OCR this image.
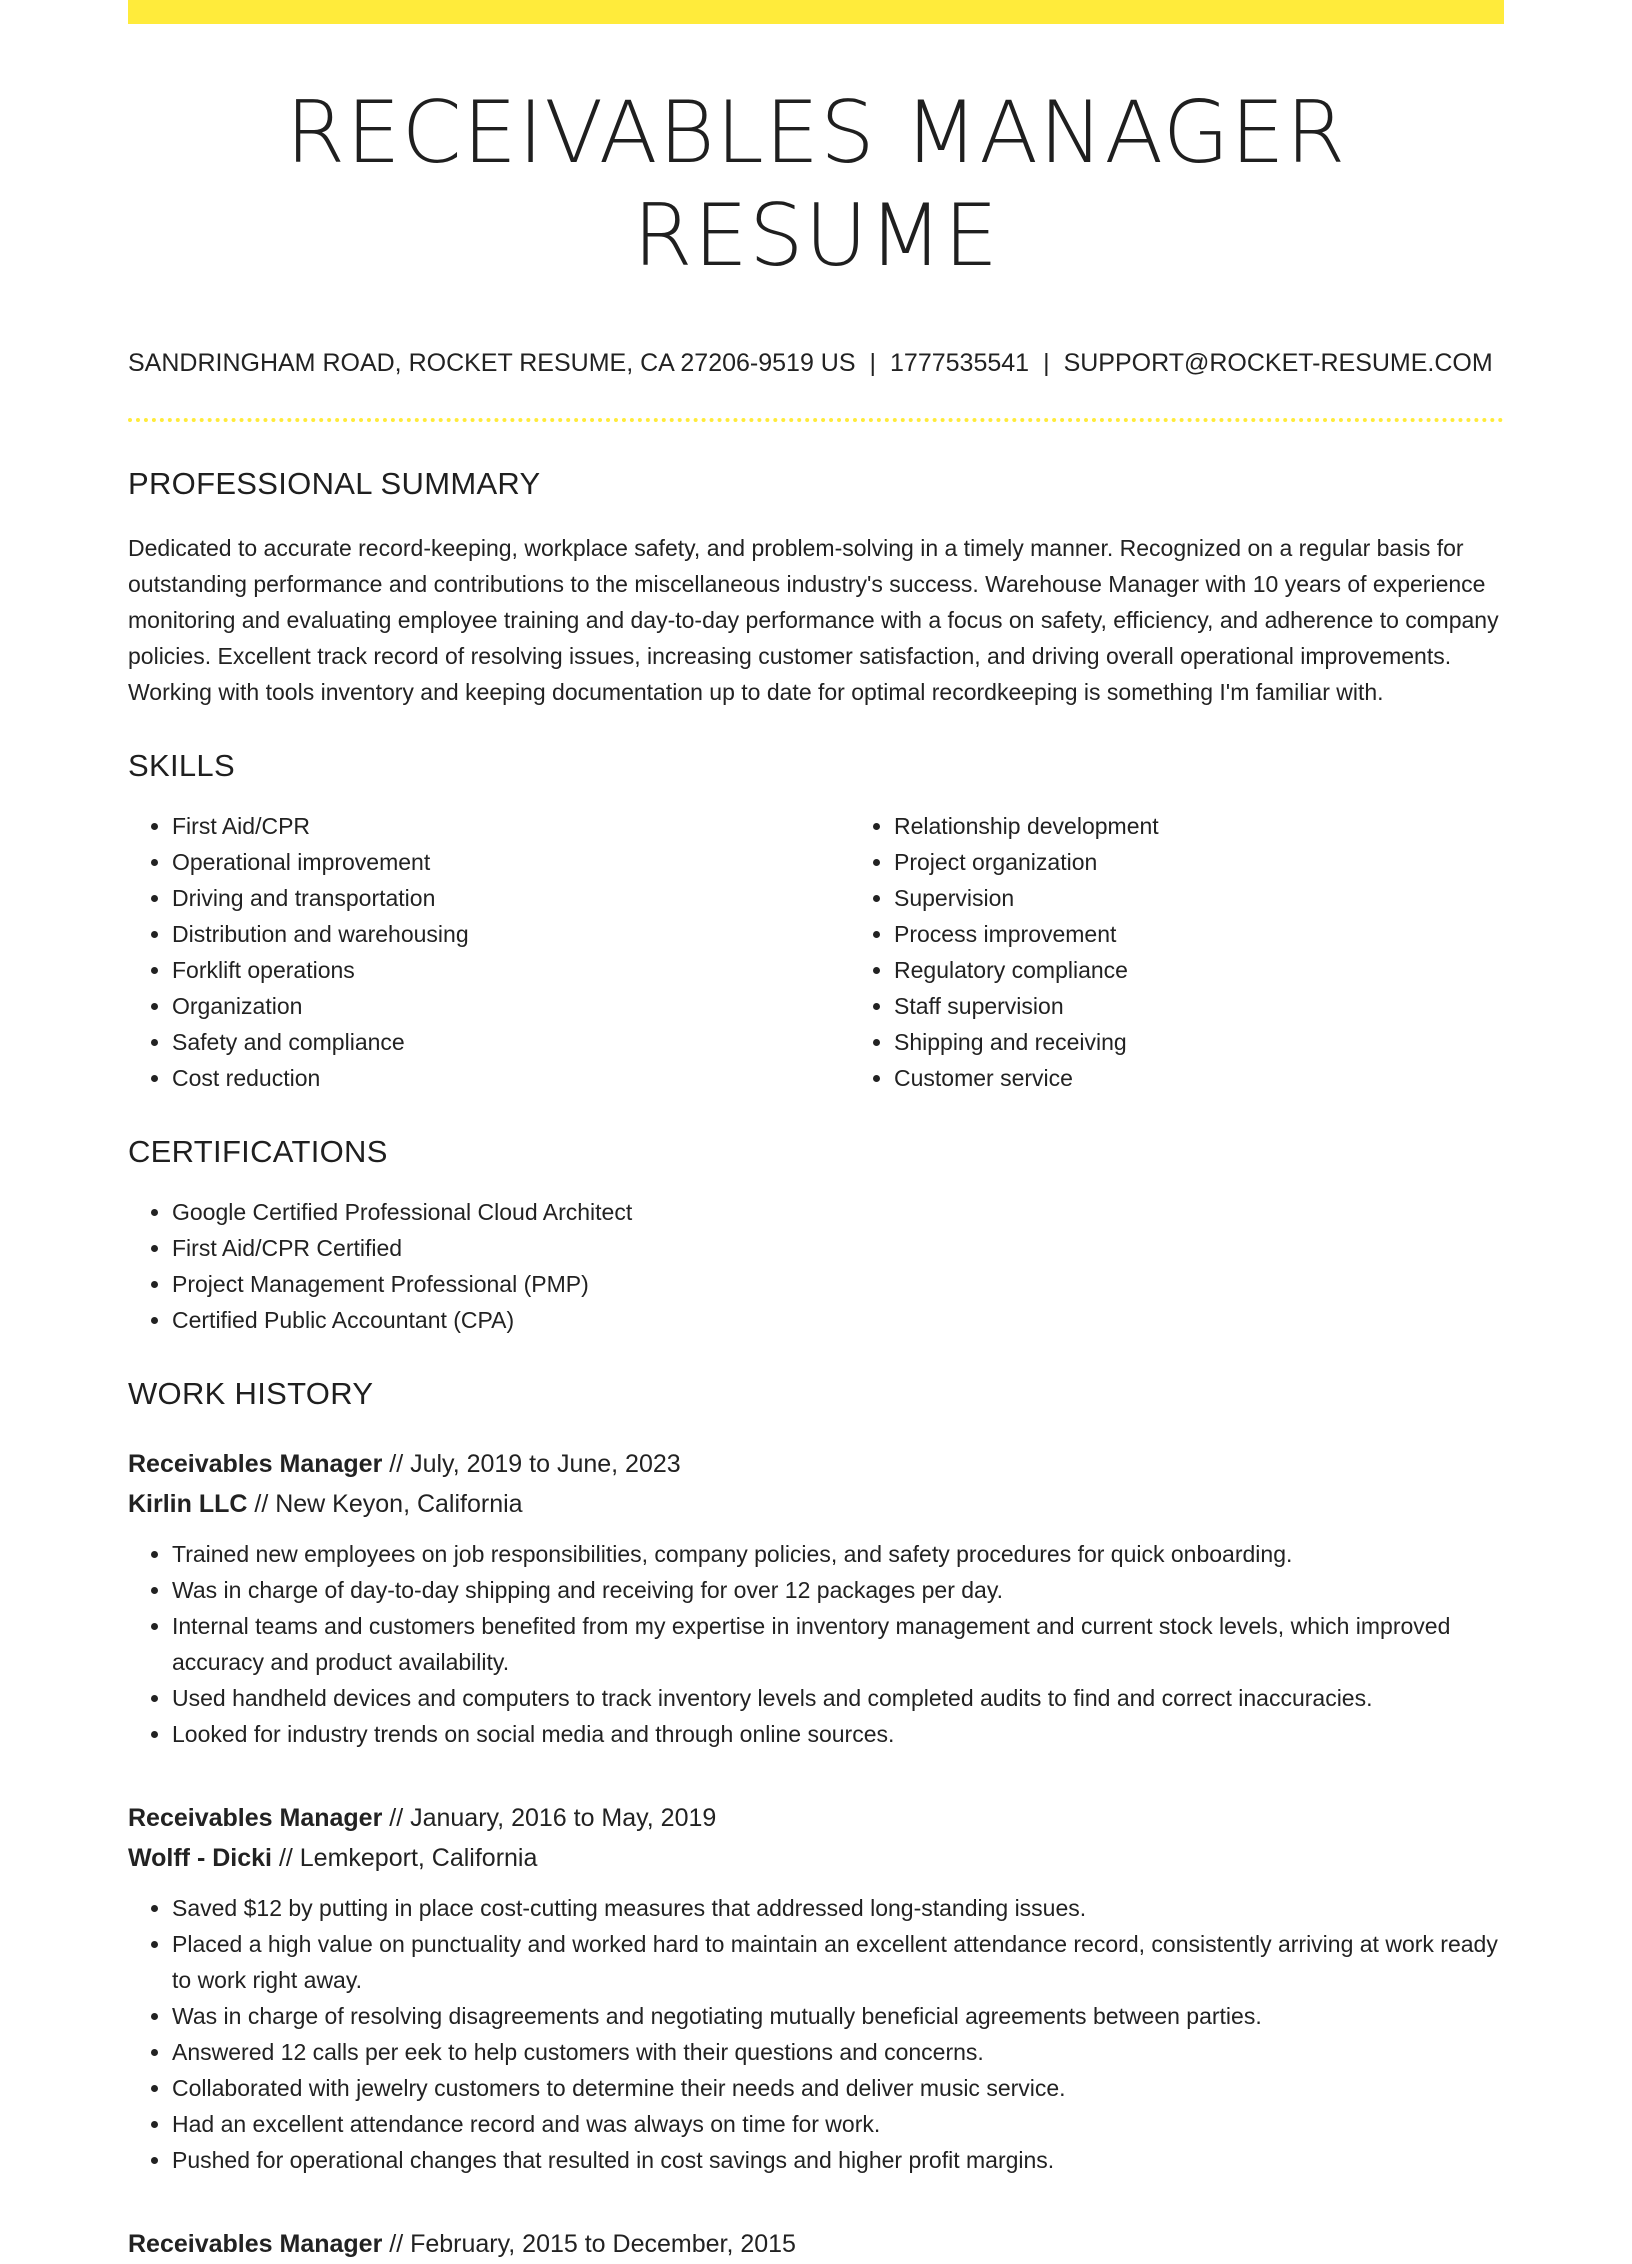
RECEIVABLES MANAGER RESUME
SANDRINGHAM ROAD, ROCKET RESUME, CA 27206-9519 US | 1777535541 | SUPPORT@ROCKET-RESUME.COM
PROFESSIONAL SUMMARY

Dedicated to accurate record-keeping, workplace safety, and problem-solving in a timely manner. Recognized on a regular basis for outstanding performance and contributions to the miscellaneous industry's success. Warehouse Manager with 10 years of experience monitoring and evaluating employee training and day-to-day performance with a focus on safety, efficiency, and adherence to company policies. Excellent track record of resolving issues, increasing customer satisfaction, and driving overall operational improvements. Working with tools inventory and keeping documentation up to date for optimal recordkeeping is something I'm familiar with.

SKILLS
• First Aid/CPR
• Operational improvement
• Driving and transportation
• Distribution and warehousing
• Forklift operations
• Organization
• Safety and compliance
• Cost reduction
• Relationship development
• Project organization
• Supervision
• Process improvement
• Regulatory compliance
• Staff supervision
• Shipping and receiving
• Customer service
CERTIFICATIONS
• Google Certified Professional Cloud Architect
• First Aid/CPR Certified
• Project Management Professional (PMP)
• Certified Public Accountant (CPA)
WORK HISTORY
Receivables Manager // July, 2019 to June, 2023
Kirlin LLC // New Keyon, California
• Trained new employees on job responsibilities, company policies, and safety procedures for quick onboarding.
• Was in charge of day-to-day shipping and receiving for over 12 packages per day.
• Internal teams and customers benefited from my expertise in inventory management and current stock levels, which improved accuracy and product availability.
• Used handheld devices and computers to track inventory levels and completed audits to find and correct inaccuracies.
• Looked for industry trends on social media and through online sources.
Receivables Manager // January, 2016 to May, 2019
Wolff - Dicki // Lemkeport, California
• Saved $12 by putting in place cost-cutting measures that addressed long-standing issues.
• Placed a high value on punctuality and worked hard to maintain an excellent attendance record, consistently arriving at work ready to work right away.
• Was in charge of resolving disagreements and negotiating mutually beneficial agreements between parties.
• Answered 12 calls per eek to help customers with their questions and concerns.
• Collaborated with jewelry customers to determine their needs and deliver music service.
• Had an excellent attendance record and was always on time for work.
• Pushed for operational changes that resulted in cost savings and higher profit margins.
Receivables Manager // February, 2015 to December, 2015
